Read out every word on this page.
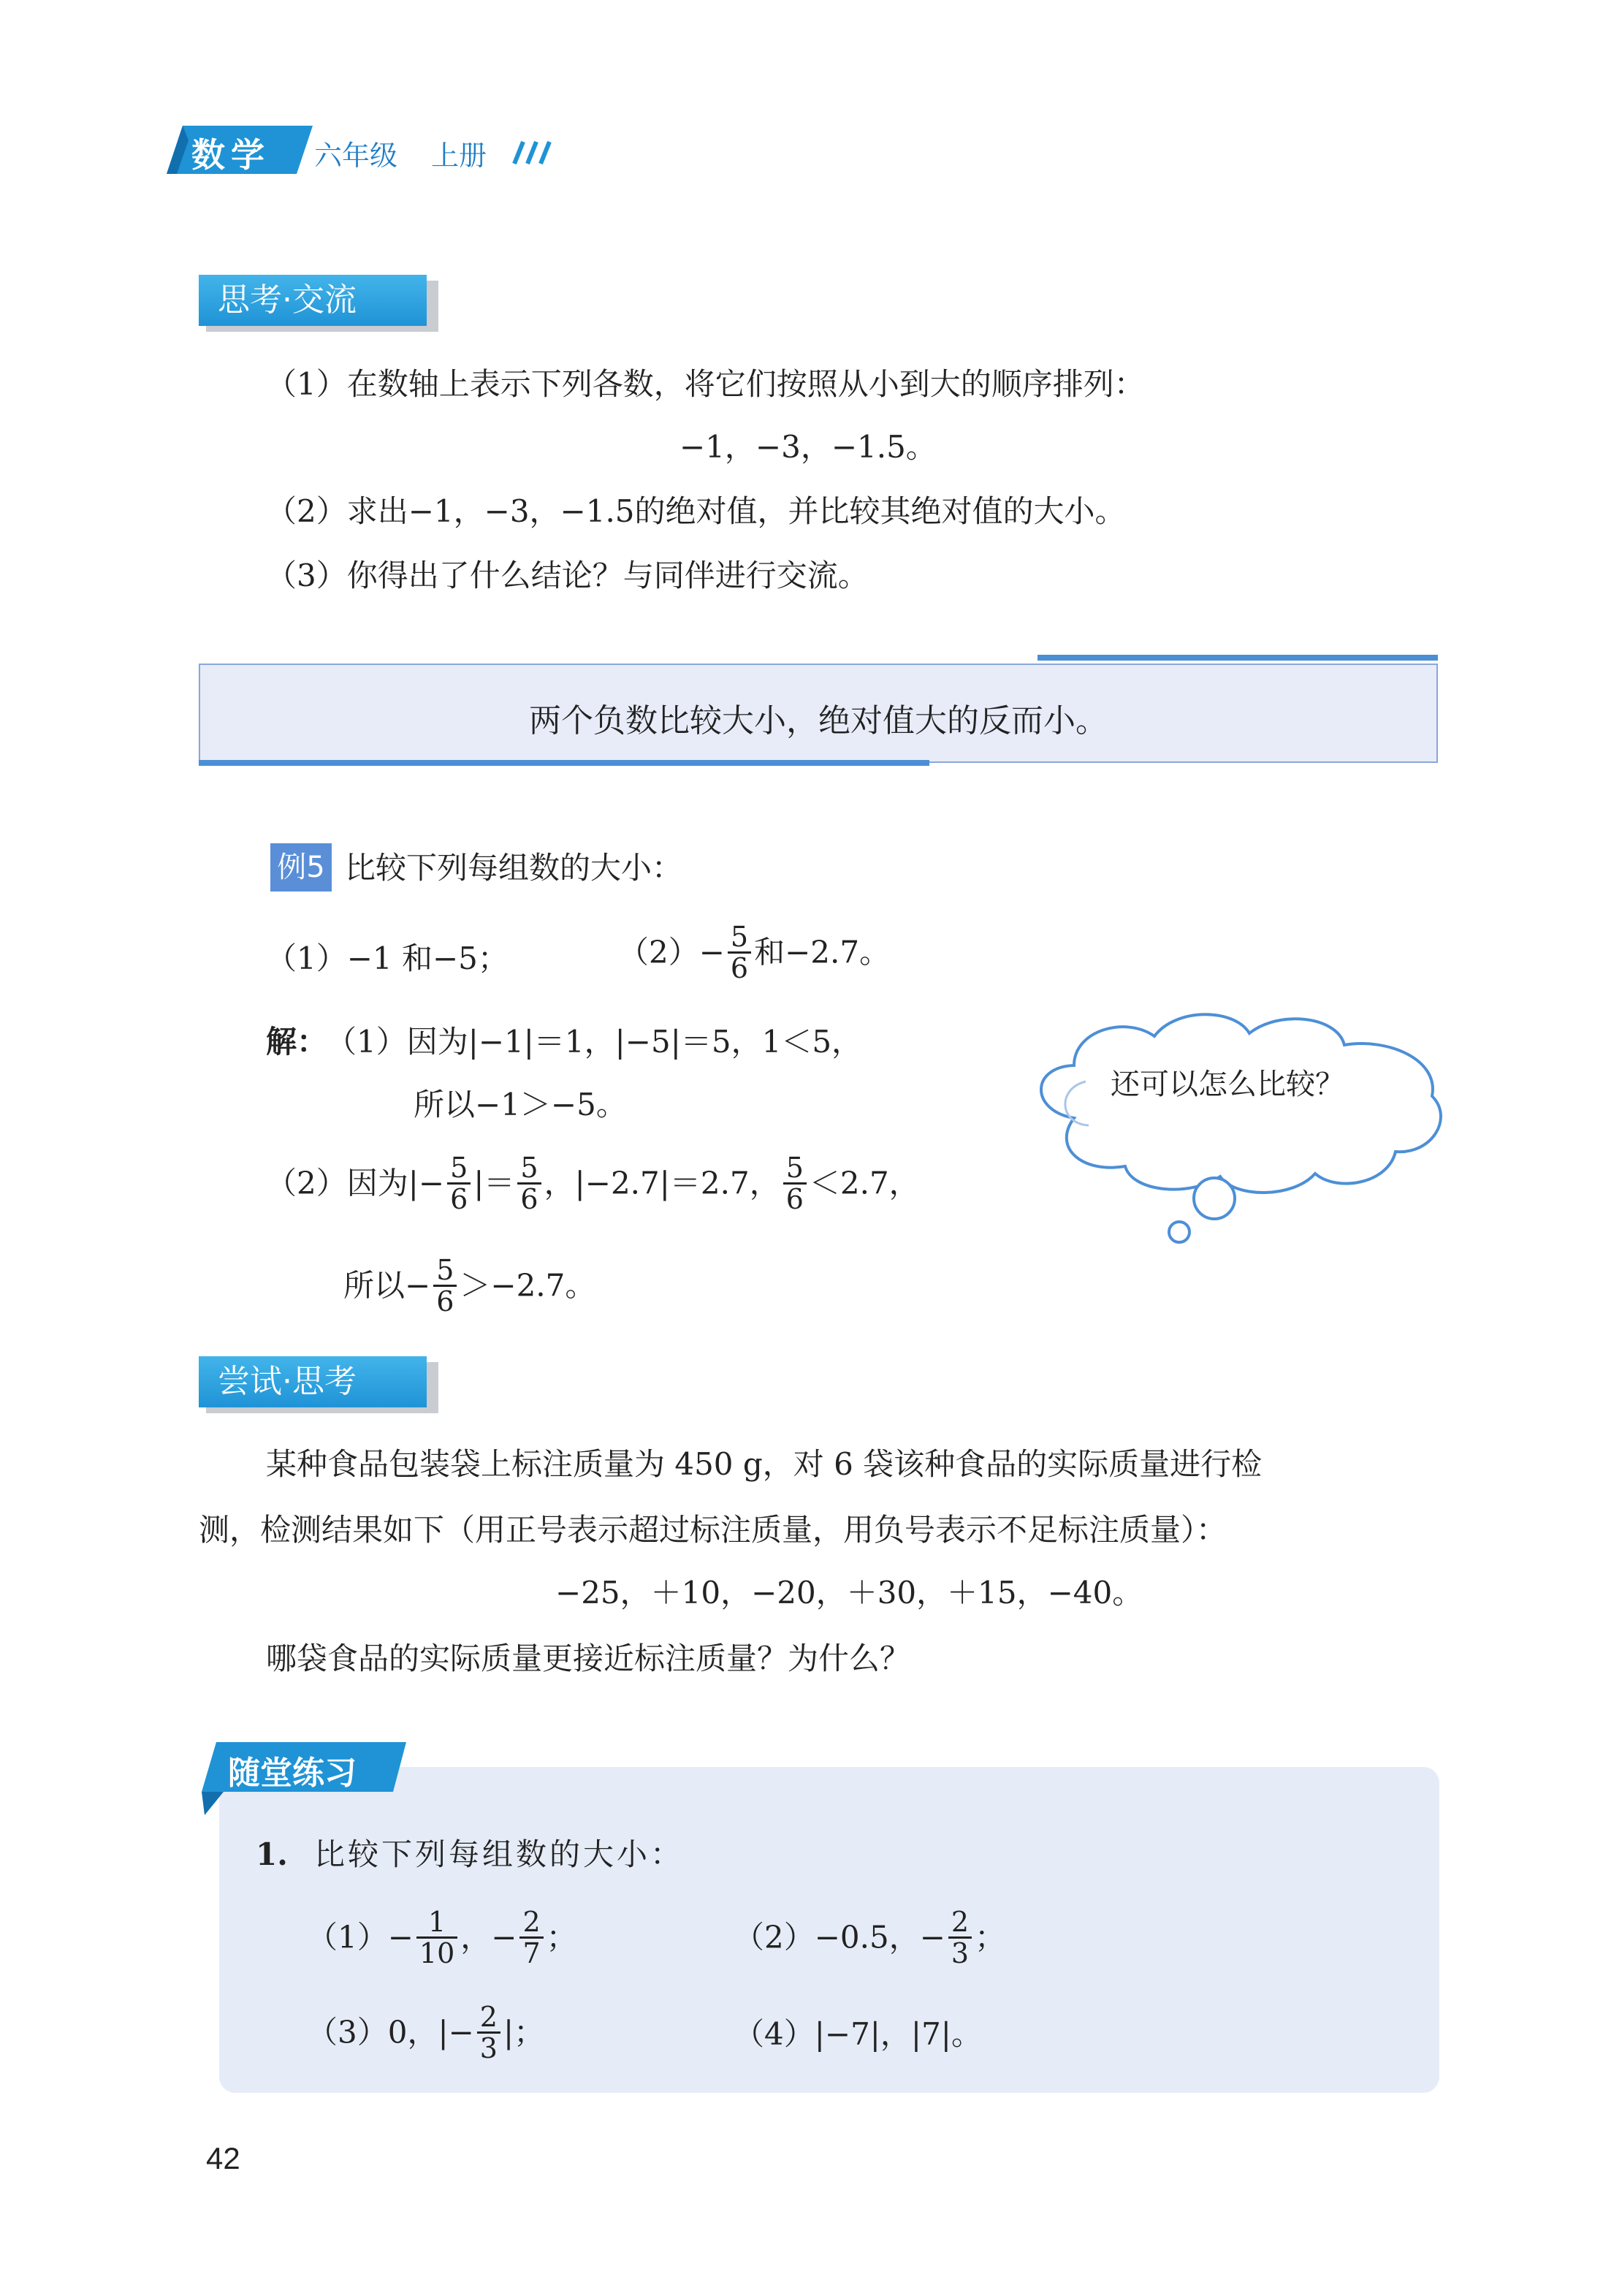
数学 六年级 上册
思考·交流
（1）在数轴上表示下列各数，将它们按照从小到大的顺序排列：
−1，−3，−1.5。
（2）求出−1，−3，−1.5的绝对值，并比较其绝对值的大小。
（3）你得出了什么结论？与同伴进行交流。
两个负数比较大小，绝对值大的反而小。
例5 比较下列每组数的大小：
（1）−1 和−5；	$(2)- \frac{5}{6}$ 和−2.7。
解：
（1）因为|−1|＝1，|−5|＝5，1＜5，
所以−1＞−5。
（2）因为|− $\frac{5}{6}$ |＝ $\frac{5}{6}$ ，|−2.7|＝2.7， $\frac{5}{6} <2.7$，
所以− $\frac{5}{6} >-2.7$。
还可以怎么比较？
尝试·思考
某种食品包装袋上标注质量为 450 g，对 6 袋该种食品的实际质量进行检
测，检测结果如下（用正号表示超过标注质量，用负号表示不足标注质量）：
−25，＋10，−20，＋30，＋15，−40。
哪袋食品的实际质量更接近标注质量？为什么？
随堂练习
1. 比较下列每组数的大小：
$(1)- \frac{1}{10}$ ，− $\frac{2}{7}$ ；	（2）−0.5，− $\frac{2}{3}$ ；
（3）0，|− $\frac{2}{3}$ |；	（4）|−7|，|7|。
42
